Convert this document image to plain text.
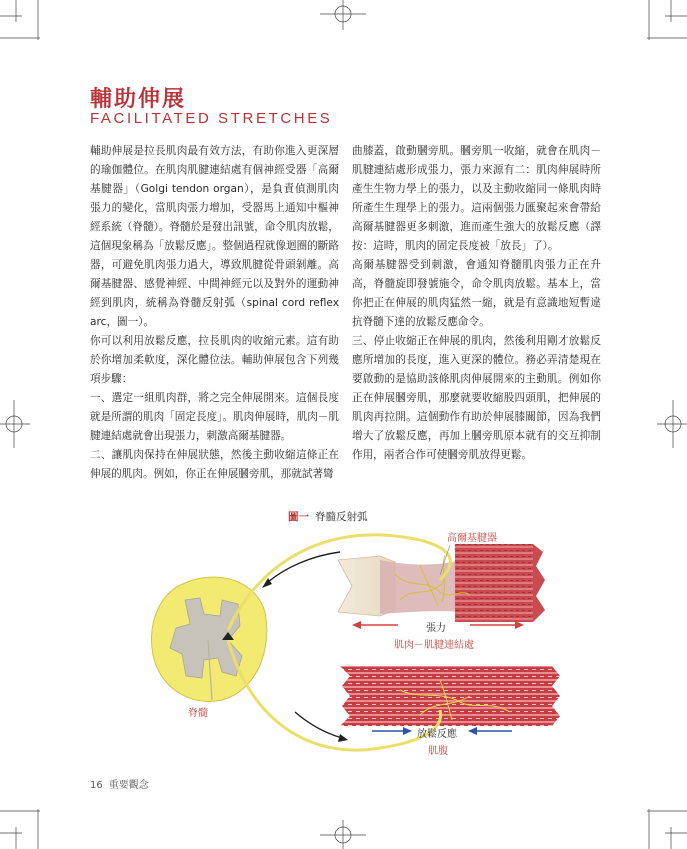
輔助伸展
FACILITATED STRETCHES

輔助伸展是拉長肌肉最有效方法，有助你進入更深層的瑜伽體位。在肌肉肌腱連結處有個神經受器「高爾基腱器」（Golgi tendon organ），是負責偵測肌肉張力的變化，當肌肉張力增加，受器馬上通知中樞神經系統（脊髓）。脊髓於是發出訊號，命令肌肉放鬆，這個現象稱為「放鬆反應」。整個過程就像迴圈的斷路器，可避免肌肉張力過大，導致肌腱從骨頭剝離。高爾基腱器、感覺神經、中間神經元以及對外的運動神經到肌肉，統稱為脊髓反射弧（spinal cord reflex arc，圖一）。

你可以利用放鬆反應，拉長肌肉的收縮元素。這有助於你增加柔軟度，深化體位法。輔助伸展包含下列幾項步驟：

一、選定一組肌肉群，將之完全伸展開來。這個長度就是所謂的肌肉「固定長度」。肌肉伸展時，肌肉－肌腱連結處就會出現張力，刺激高爾基腱器。

二、讓肌肉保持在伸展狀態，然後主動收縮這條正在伸展的肌肉。例如，你正在伸展膕旁肌，那就試著彎

曲膝蓋，啟動膕旁肌。膕旁肌一收縮，就會在肌肉－肌腱連結處形成張力，張力來源有二：肌肉伸展時所產生生物力學上的張力，以及主動收縮同一條肌肉時所產生生理學上的張力。這兩個張力匯聚起來會帶給高爾基腱器更多刺激，進而產生強大的放鬆反應（譯按：這時，肌肉的固定長度被「放長」了）。

高爾基腱器受到刺激，會通知脊髓肌肉張力正在升高，脊髓旋即發號施令，命令肌肉放鬆。基本上，當你把正在伸展的肌肉猛然一縮，就是有意識地短暫違抗脊髓下達的放鬆反應命令。

三、停止收縮正在伸展的肌肉，然後利用剛才放鬆反應所增加的長度，進入更深的體位。務必弄清楚現在要啟動的是協助該條肌肉伸展開來的主動肌。例如你正在伸展膕旁肌，那麼就要收縮股四頭肌，把伸展的肌肉再拉開。這個動作有助於伸展膝關節，因為我們增大了放鬆反應，再加上膕旁肌原本就有的交互抑制作用，兩者合作可使膕旁肌放得更鬆。

圖一 脊髓反射弧
高爾基腱器
張力
肌肉－肌腱連結處
脊髓
放鬆反應
肌腹
16 重要觀念
